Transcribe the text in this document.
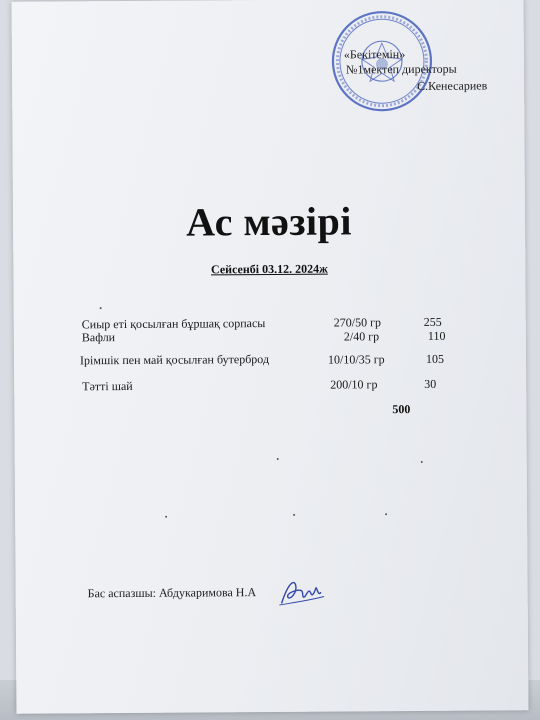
«Бекітемін»
№1мектеп директоры
С.Кенесариев
Ас мәзірі
Сейсенбі 03.12. 2024ж
Сиыр еті қосылған бұршақ сорпасы	270/50 гр	255
Вафли	2/40 гр	110
Ірімшік пен май қосылған бутерброд	10/10/35 гр	105
Тәтті шай	200/10 гр	30
500
Бас аспазшы: Абдукаримова Н.А
